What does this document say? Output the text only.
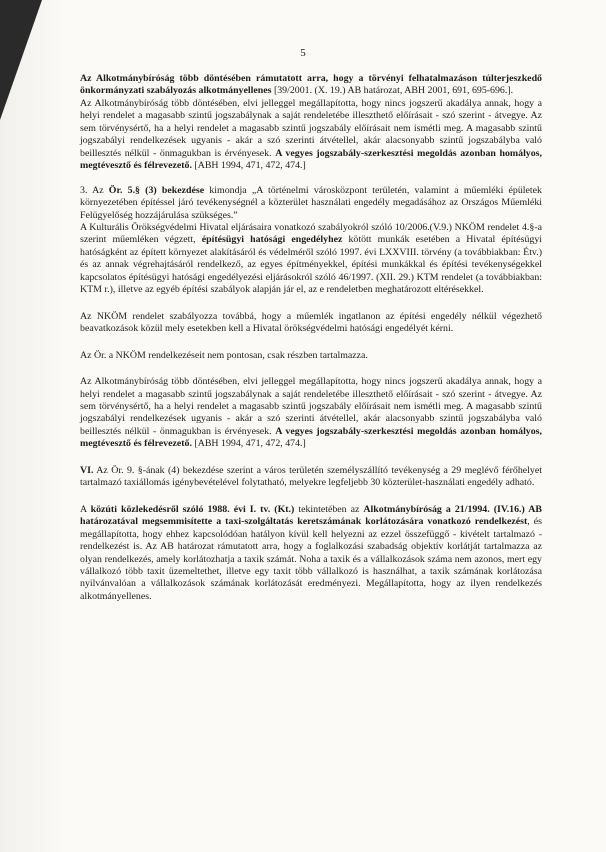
5

Az Alkotmánybíróság több döntésében rámutatott arra, hogy a törvényi felhatalmazáson túlterjeszkedő önkormányzati szabályozás alkotmányellenes [39/2001. (X. 19.) AB határozat, ABH 2001, 691, 695-696.].

Az Alkotmánybíróság több döntésében, elvi jelleggel megállapította, hogy nincs jogszerű akadálya annak, hogy a helyi rendelet a magasabb szintű jogszabálynak a saját rendeletébe illeszthető előírásait - szó szerint - átvegye. Az sem törvénysértő, ha a helyi rendelet a magasabb szintű jogszabály előírásait nem ismétli meg. A magasabb szintű jogszabályi rendelkezések ugyanis - akár a szó szerinti átvétellel, akár alacsonyabb szintű jogszabályba való beillesztés nélkül - önmagukban is érvényesek. A vegyes jogszabály-szerkesztési megoldás azonban homályos, megtévesztő és félrevezető. [ABH 1994, 471, 472, 474.]

3. Az Ör. 5.§ (3) bekezdése kimondja „A történelmi városközpont területén, valamint a műemléki épületek környezetében építéssel járó tevékenységnél a közterület használati engedély megadásához az Országos Műemléki Felügyelőség hozzájárulása szükséges.”

A Kulturális Örökségvédelmi Hivatal eljárásaira vonatkozó szabályokról szóló 10/2006.(V.9.) NKÖM rendelet 4.§-a szerint műemléken végzett, építésügyi hatósági engedélyhez kötött munkák esetében a Hivatal építésügyi hatóságként az épített környezet alakításáról és védelméről szóló 1997. évi LXXVIII. törvény (a továbbiakban: Étv.) és az annak végrehajtásáról rendelkező, az egyes építményekkel, építési munkákkal és építési tevékenységekkel kapcsolatos építésügyi hatósági engedélyezési eljárásokról szóló 46/1997. (XII. 29.) KTM rendelet (a továbbiakban: KTM r.), illetve az egyéb építési szabályok alapján jár el, az e rendeletben meghatározott eltérésekkel.

Az NKÖM rendelet szabályozza továbbá, hogy a műemlék ingatlanon az építési engedély nélkül végezhető beavatkozások közül mely esetekben kell a Hivatal örökségvédelmi hatósági engedélyét kérni.

Az Ör. a NKÖM rendelkezéseit nem pontosan, csak részben tartalmazza.

Az Alkotmánybíróság több döntésében, elvi jelleggel megállapította, hogy nincs jogszerű akadálya annak, hogy a helyi rendelet a magasabb szintű jogszabálynak a saját rendeletébe illeszthető előírásait - szó szerint - átvegye. Az sem törvénysértő, ha a helyi rendelet a magasabb szintű jogszabály előírásait nem ismétli meg. A magasabb szintű jogszabályi rendelkezések ugyanis - akár a szó szerinti átvétellel, akár alacsonyabb szintű jogszabályba való beillesztés nélkül - önmagukban is érvényesek. A vegyes jogszabály-szerkesztési megoldás azonban homályos, megtévesztő és félrevezető. [ABH 1994, 471, 472, 474.]

VI. Az Ör. 9. §-ának (4) bekezdése szerint a város területén személyszállító tevékenység a 29 meglévő férőhelyet tartalmazó taxiállomás igénybevételével folytatható, melyekre legfeljebb 30 közterület-használati engedély adható.

A közúti közlekedésről szóló 1988. évi I. tv. (Kt.) tekintetében az Alkotmánybíróság a 21/1994. (IV.16.) AB határozatával megsemmisítette a taxi-szolgáltatás keretszámának korlátozására vonatkozó rendelkezést, és megállapította, hogy ehhez kapcsolódóan hatályon kívül kell helyezni az ezzel összefüggő - kivételt tartalmazó - rendelkezést is. Az AB határozat rámutatott arra, hogy a foglalkozási szabadság objektív korlátját tartalmazza az olyan rendelkezés, amely korlátozhatja a taxik számát. Noha a taxik és a vállalkozások száma nem azonos, mert egy vállalkozó több taxit üzemeltethet, illetve egy taxit több vállalkozó is használhat, a taxik számának korlátozása nyilvánvalóan a vállalkozások számának korlátozását eredményezi. Megállapította, hogy az ilyen rendelkezés alkotmányellenes.
